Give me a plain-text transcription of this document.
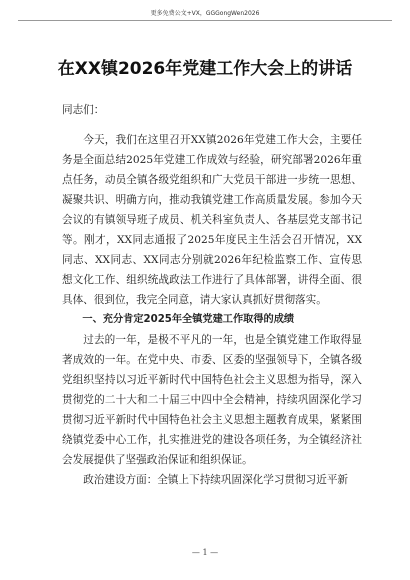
更多免费公文+VX，GGGongWen2026
在XX镇2026年党建工作大会上的讲话

同志们：

今天，我们在这里召开XX镇2026年党建工作大会，主要任务是全面总结2025年党建工作成效与经验，研究部署2026年重点任务，动员全镇各级党组织和广大党员干部进一步统一思想、凝聚共识、明确方向，推动我镇党建工作高质量发展。参加今天会议的有镇领导班子成员、机关科室负责人、各基层党支部书记等。刚才，XX同志通报了2025年度民主生活会召开情况，XX同志、XX同志、XX同志分别就2026年纪检监察工作、宣传思想文化工作、组织统战政法工作进行了具体部署，讲得全面、很具体、很到位，我完全同意，请大家认真抓好贯彻落实。

一、充分肯定2025年全镇党建工作取得的成绩

过去的一年，是极不平凡的一年，也是全镇党建工作取得显著成效的一年。在党中央、市委、区委的坚强领导下，全镇各级党组织坚持以习近平新时代中国特色社会主义思想为指导，深入贯彻党的二十大和二十届三中四中全会精神，持续巩固深化学习贯彻习近平新时代中国特色社会主义思想主题教育成果，紧紧围绕镇党委中心工作，扎实推进党的建设各项任务，为全镇经济社会发展提供了坚强政治保证和组织保证。

政治建设方面：全镇上下持续巩固深化学习贯彻习近平新

— 1 —
